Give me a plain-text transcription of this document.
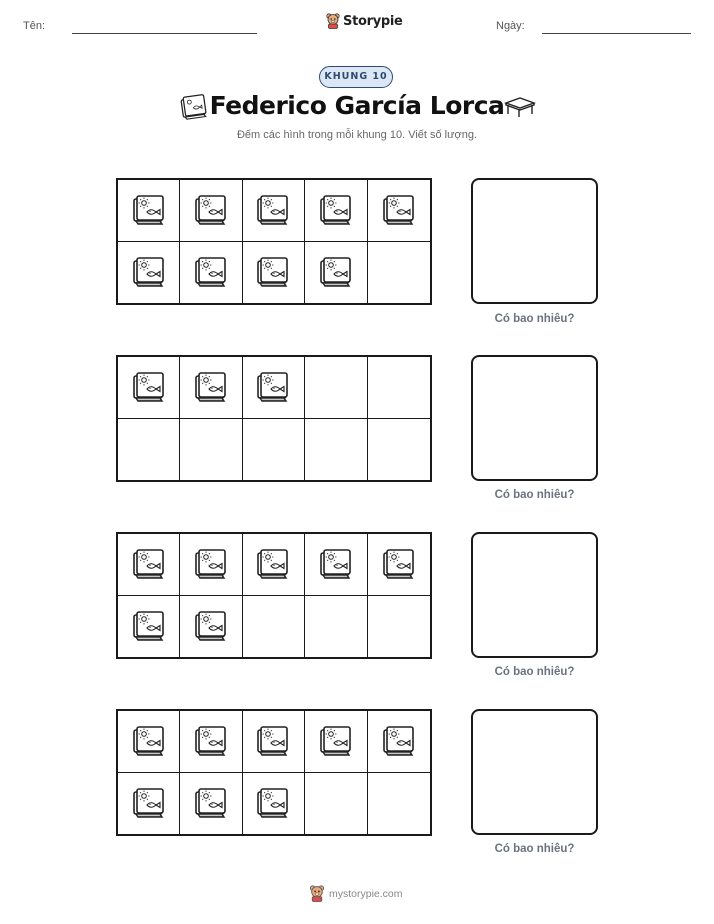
Tên:	Storypie	Ngày:
KHUNG 10
Federico García Lorca
Đếm các hình trong mỗi khung 10. Viết số lượng.
Có bao nhiêu?
Có bao nhiêu?
Có bao nhiêu?
Có bao nhiêu?
mystorypie.com
